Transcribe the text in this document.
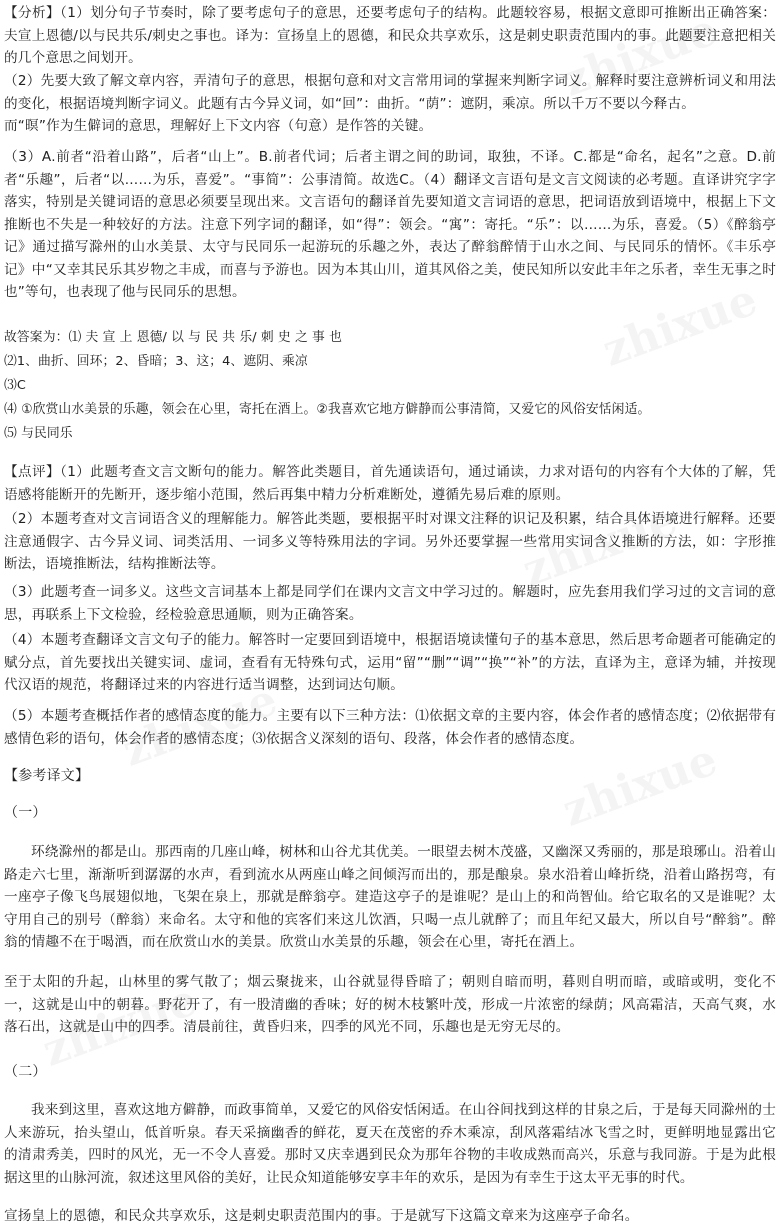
【分析】（1）划分句子节奏时，除了要考虑句子的意思，还要考虑句子的结构。此题较容易，根据文意即可推断出正确答案：夫宣上恩德/以与民共乐/刺史之事也。译为：宣扬皇上的恩德，和民众共享欢乐，这是刺史职责范围内的事。此题要注意把相关的几个意思之间划开。

（2）先要大致了解文章内容，弄清句子的意思，根据句意和对文言常用词的掌握来判断字词义。解释时要注意辨析词义和用法的变化，根据语境判断字词义。此题有古今异义词，如“回”：曲折。“荫”：遮阴，乘凉。所以千万不要以今释古。

而“暝”作为生僻词的意思，理解好上下文内容（句意）是作答的关键。

（3）A.前者“沿着山路”，后者“山上”。B.前者代词；后者主谓之间的助词，取独，不译。C.都是“命名，起名”之意。D.前者“乐趣”，后者“以……为乐，喜爱”。“事简”：公事清简。故选C。（4）翻译文言语句是文言文阅读的必考题。直译讲究字字落实，特别是关键词语的意思必须要呈现出来。文言语句的翻译首先要知道文言词语的意思，把词语放到语境中，根据上下文推断也不失是一种较好的方法。注意下列字词的翻译，如“得”：领会。“寓”：寄托。“乐”：以……为乐，喜爱。（5）《醉翁亭记》通过描写滁州的山水美景、太守与民同乐一起游玩的乐趣之外，表达了醉翁醉情于山水之间、与民同乐的情怀。《丰乐亭记》中“又幸其民乐其岁物之丰成，而喜与予游也。因为本其山川，道其风俗之美，使民知所以安此丰年之乐者，幸生无事之时也”等句，也表现了他与民同乐的思想。

故答案为：⑴ 夫 宣 上 恩德/ 以 与 民 共 乐/ 刺 史 之 事 也

⑵1、曲折、回环；2、昏暗；3、这；4、遮阴、乘凉

⑶C

⑷ ①欣赏山水美景的乐趣，领会在心里，寄托在酒上。②我喜欢它地方僻静而公事清简，又爱它的风俗安恬闲适。

⑸ 与民同乐

【点评】（1）此题考查文言文断句的能力。解答此类题目，首先通读语句，通过诵读，力求对语句的内容有个大体的了解，凭语感将能断开的先断开，逐步缩小范围，然后再集中精力分析难断处，遵循先易后难的原则。

（2）本题考查对文言词语含义的理解能力。解答此类题，要根据平时对课文注释的识记及积累，结合具体语境进行解释。还要注意通假字、古今异义词、词类活用、一词多义等特殊用法的字词。另外还要掌握一些常用实词含义推断的方法，如：字形推断法，语境推断法，结构推断法等。

（3）此题考查一词多义。这些文言词基本上都是同学们在课内文言文中学习过的。解题时，应先套用我们学习过的文言词的意思，再联系上下文检验，经检验意思通顺，则为正确答案。

（4）本题考查翻译文言文句子的能力。解答时一定要回到语境中，根据语境读懂句子的基本意思，然后思考命题者可能确定的赋分点，首先要找出关键实词、虚词，查看有无特殊句式，运用“留”“删”“调”“换”“补”的方法，直译为主，意译为辅，并按现代汉语的规范，将翻译过来的内容进行适当调整，达到词达句顺。

（5）本题考查概括作者的感情态度的能力。主要有以下三种方法：⑴依据文章的主要内容，体会作者的感情态度；⑵依据带有感情色彩的语句，体会作者的感情态度；⑶依据含义深刻的语句、段落，体会作者的感情态度。

【参考译文】

（一）

环绕滁州的都是山。那西南的几座山峰，树林和山谷尤其优美。一眼望去树木茂盛，又幽深又秀丽的，那是琅琊山。沿着山路走六七里，渐渐听到潺潺的水声，看到流水从两座山峰之间倾泻而出的，那是酿泉。泉水沿着山峰折绕，沿着山路拐弯，有一座亭子像飞鸟展翅似地，飞架在泉上，那就是醉翁亭。建造这亭子的是谁呢？是山上的和尚智仙。给它取名的又是谁呢？太守用自己的别号（醉翁）来命名。太守和他的宾客们来这儿饮酒，只喝一点儿就醉了；而且年纪又最大，所以自号“醉翁”。醉翁的情趣不在于喝酒，而在欣赏山水的美景。欣赏山水美景的乐趣，领会在心里，寄托在酒上。

至于太阳的升起，山林里的雾气散了；烟云聚拢来，山谷就显得昏暗了；朝则自暗而明，暮则自明而暗，或暗或明，变化不一，这就是山中的朝暮。野花开了，有一股清幽的香味；好的树木枝繁叶茂，形成一片浓密的绿荫；风高霜洁，天高气爽，水落石出，这就是山中的四季。清晨前往，黄昏归来，四季的风光不同，乐趣也是无穷无尽的。

（二）

我来到这里，喜欢这地方僻静，而政事简单，又爱它的风俗安恬闲适。在山谷间找到这样的甘泉之后，于是每天同滁州的士人来游玩，抬头望山，低首听泉。春天采摘幽香的鲜花，夏天在茂密的乔木乘凉，刮风落霜结冰飞雪之时，更鲜明地显露出它的清肃秀美，四时的风光，无一不令人喜爱。那时又庆幸遇到民众为那年谷物的丰收成熟而高兴，乐意与我同游。于是为此根据这里的山脉河流，叙述这里风俗的美好，让民众知道能够安享丰年的欢乐，是因为有幸生于这太平无事的时代。

宣扬皇上的恩德，和民众共享欢乐，这是刺史职责范围内的事。于是就写下这篇文章来为这座亭子命名。
